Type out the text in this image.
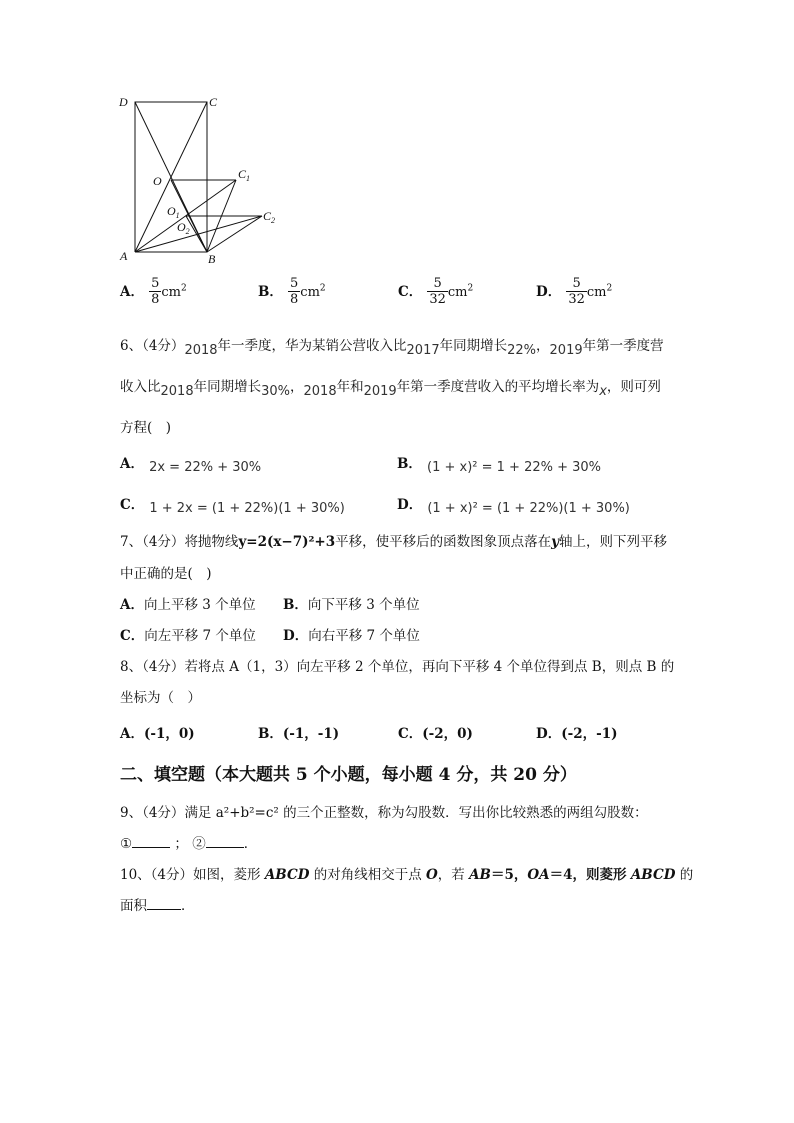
D	C
O	$C_1$
$O_1$	$C_2$
$O_2$
A	B
A． $\frac{5}{8} cm^2$	B． $\frac{5}{8} cm^2$	C． $\frac{5}{32} cm^2$	D． $\frac{5}{32} cm^2$
6、（4分）2018年一季度，华为某销公营收入比2017年同期增长22%，2019年第一季度营
收入比2018年同期增长30%，2018年和2019年第一季度营收入的平均增长率为x，则可列
方程(　)
A． 2x = 22% + 30%	B． (1 + x)² = 1 + 22% + 30%
C． 1 + 2x = (1 + 22%)(1 + 30%)	D． (1 + x)² = (1 + 22%)(1 + 30%)
7、（4分）将抛物线y=2(x−7)²+3平移，使平移后的函数图象顶点落在y轴上，则下列平移
中正确的是(　)
A．向上平移 3 个单位 B．向下平移 3 个单位
C．向左平移 7 个单位 D．向右平移 7 个单位
8、（4分）若将点 A（1，3）向左平移 2 个单位，再向下平移 4 个单位得到点 B，则点 B 的
坐标为（　）
A．(-1，0)	B．(-1，-1)	C．(-2，0)	D．(-2，-1)
二、填空题（本大题共 5 个小题，每小题 4 分，共 20 分）
9、（4分）满足 a²+b²=c² 的三个正整数，称为勾股数．写出你比较熟悉的两组勾股数：
①	； ②	．
10、（4分）如图，菱形 ABCD 的对角线相交于点 O，若 AB＝5，OA＝4，则菱形 ABCD 的
面积	．
